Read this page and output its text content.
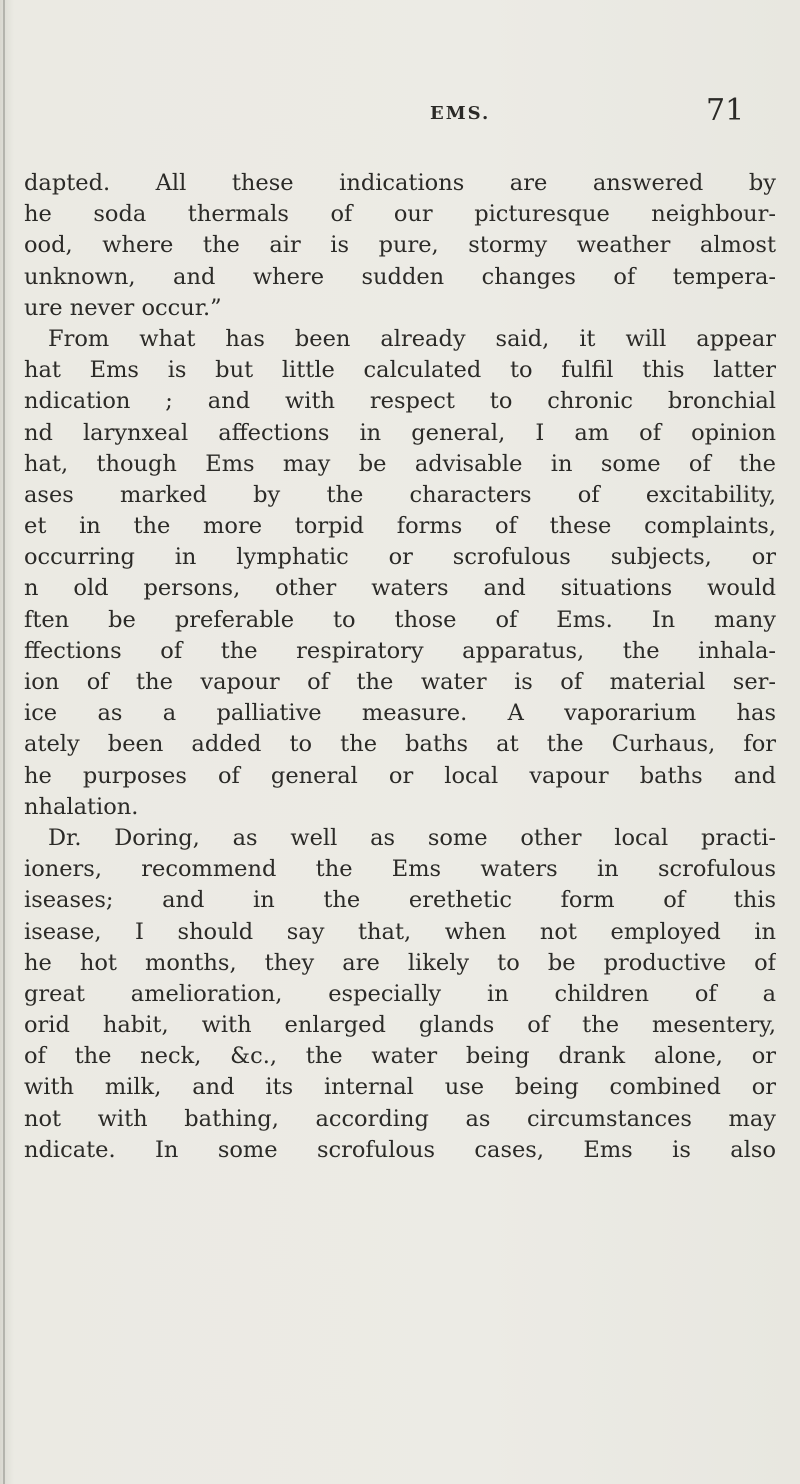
EMS.	71
dapted. All these indications are answered by
he soda thermals of our picturesque neighbour-
ood, where the air is pure, stormy weather almost
unknown, and where sudden changes of tempera-
ure never occur.”
From what has been already said, it will appear
hat Ems is but little calculated to fulfil this latter
ndication ; and with respect to chronic bronchial
nd larynxeal affections in general, I am of opinion
hat, though Ems may be advisable in some of the
ases marked by the characters of excitability,
et in the more torpid forms of these complaints,
occurring in lymphatic or scrofulous subjects, or
n old persons, other waters and situations would
ften be preferable to those of Ems. In many
ffections of the respiratory apparatus, the inhala-
ion of the vapour of the water is of material ser-
ice as a palliative measure. A vaporarium has
ately been added to the baths at the Curhaus, for
he purposes of general or local vapour baths and
nhalation.
Dr. Doring, as well as some other local practi-
ioners, recommend the Ems waters in scrofulous
iseases; and in the erethetic form of this
isease, I should say that, when not employed in
he hot months, they are likely to be productive of
great amelioration, especially in children of a
orid habit, with enlarged glands of the mesentery,
of the neck, &c., the water being drank alone, or
with milk, and its internal use being combined or
not with bathing, according as circumstances may
ndicate. In some scrofulous cases, Ems is also
